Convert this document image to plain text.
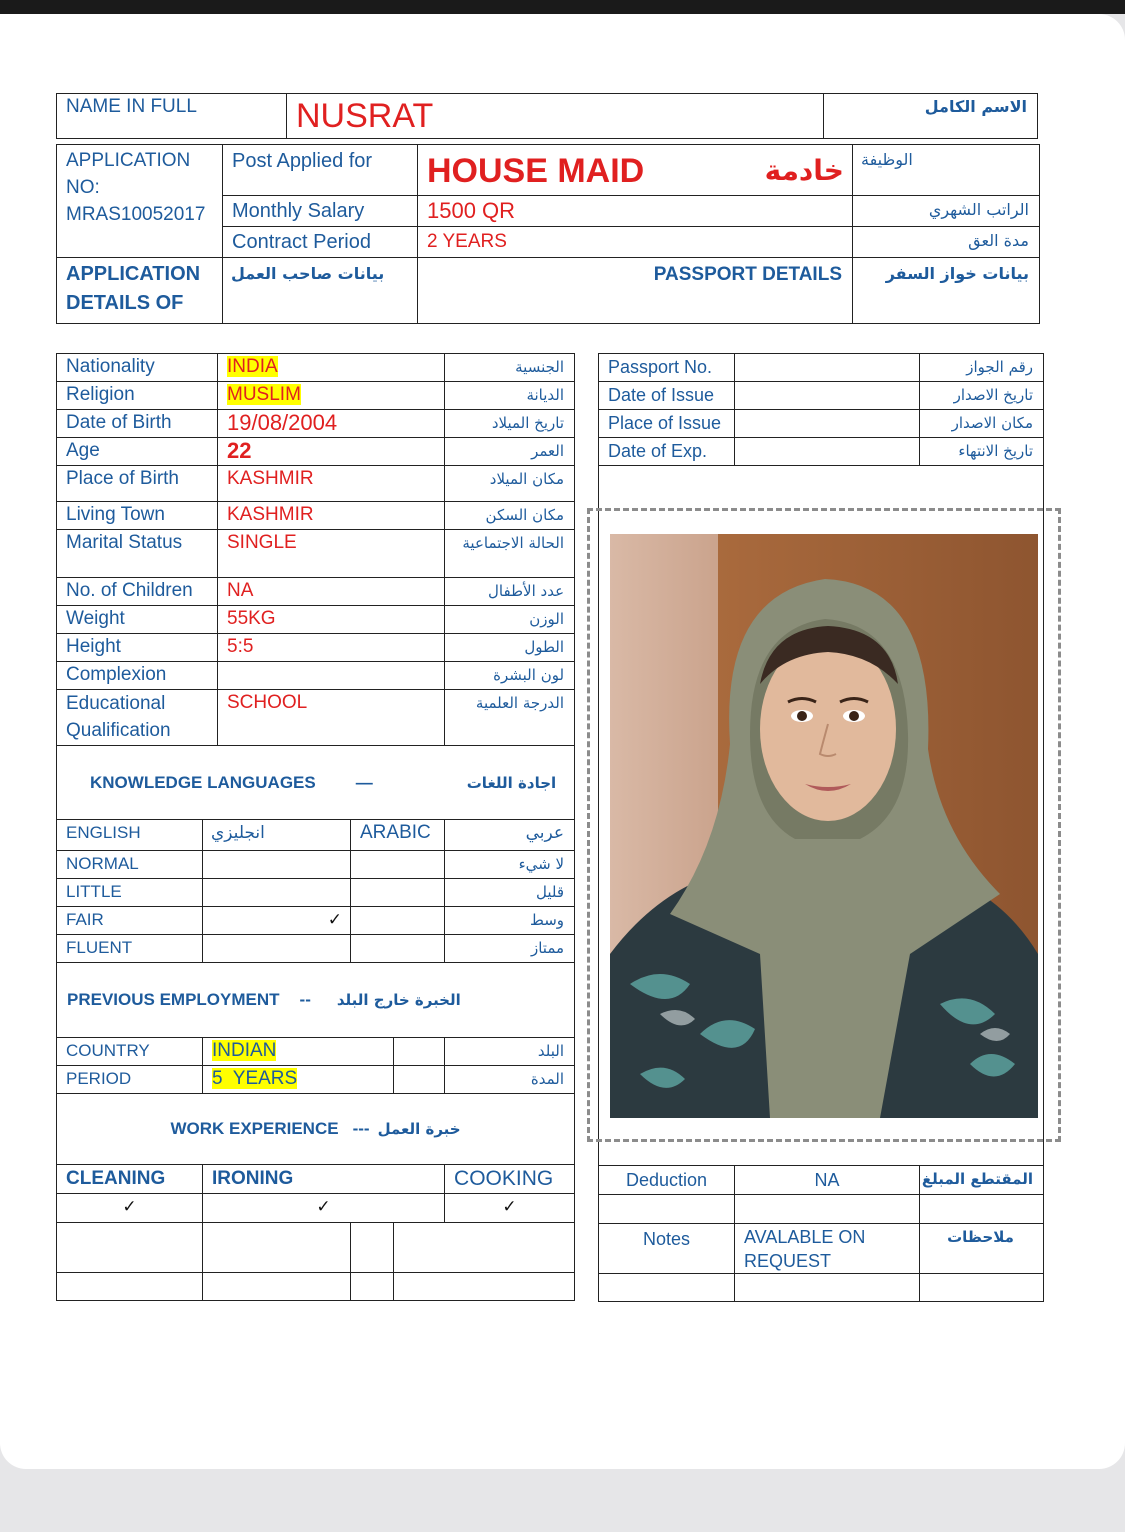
NAME IN FULL	NUSRAT	الاسم الكامل
APPLICATION NO:
MRAS10052017	Post Applied for	HOUSE MAID خادمة	الوظيفة
	Monthly Salary	1500 QR	الراتب الشهري
	Contract Period	2 YEARS	مدة العق
APPLICATION DETAILS OF	بيانات صاحب العمل	PASSPORT DETAILS	بيانات خواز السفر
Nationality		INDIA			الجنسية
Religion		MUSLIM			الديانة
Date of Birth		19/08/2004			تاريخ الميلاد
Age		22			العمر
Place of Birth		KASHMIR			مكان الميلاد
Living Town		KASHMIR			مكان السكن
Marital Status		SINGLE			الحالة الاجتماعية
No. of Children		NA			عدد الأطفال
Weight		55KG			الوزن
Height		5:5			الطول
Complexion					لون البشرة
Educational Qualification		SCHOOL			الدرجة العلمية

KNOWLEDGE LANGUAGES — اجادة اللغات					

ENGLISH	انجليزي		ARABIC		عربي
NORMAL					لا شيء
LITTLE					قليل
FAIR	✓				وسط
FLUENT					ممتاز

PREVIOUS EMPLOYMENT -- الخبرة خارج البلد					

COUNTRY	INDIAN				البلد
PERIOD	5  YEARS				المدة

WORK EXPERIENCE --- خبرة العمل					

CLEANING	IRONING				COOKING
✓	✓				✓

Passport No.		رقم الجواز
Date of Issue		تاريخ الاصدار
Place of Issue		مكان الاصدار
Date of Exp.		تاريخ الانتهاء

Deduction	NA	المقتطع المبلغ

Notes	AVALABLE ON REQUEST	ملاحظات
